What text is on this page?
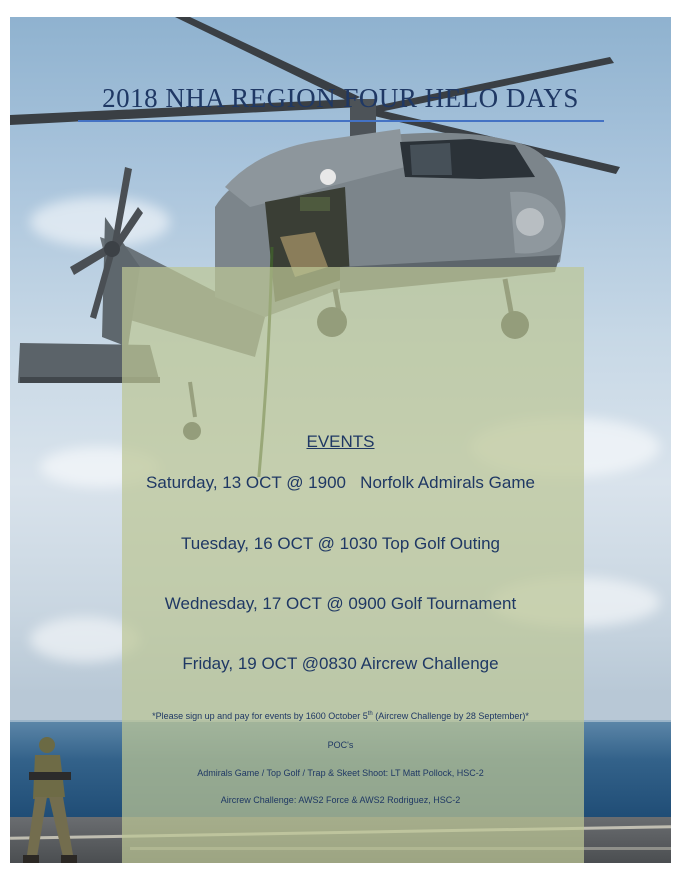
2018 NHA REGION FOUR HELO DAYS
EVENTS
Saturday, 13 OCT @ 1900   Norfolk Admirals Game
Tuesday, 16 OCT @ 1030 Top Golf Outing
Wednesday, 17 OCT @ 0900 Golf Tournament
Friday, 19 OCT @0830 Aircrew Challenge
*Please sign up and pay for events by 1600 October 5th (Aircrew Challenge by 28 September)*
POC's
Admirals Game / Top Golf / Trap & Skeet Shoot: LT Matt Pollock, HSC-2
Aircrew Challenge: AWS2 Force & AWS2 Rodriguez, HSC-2
